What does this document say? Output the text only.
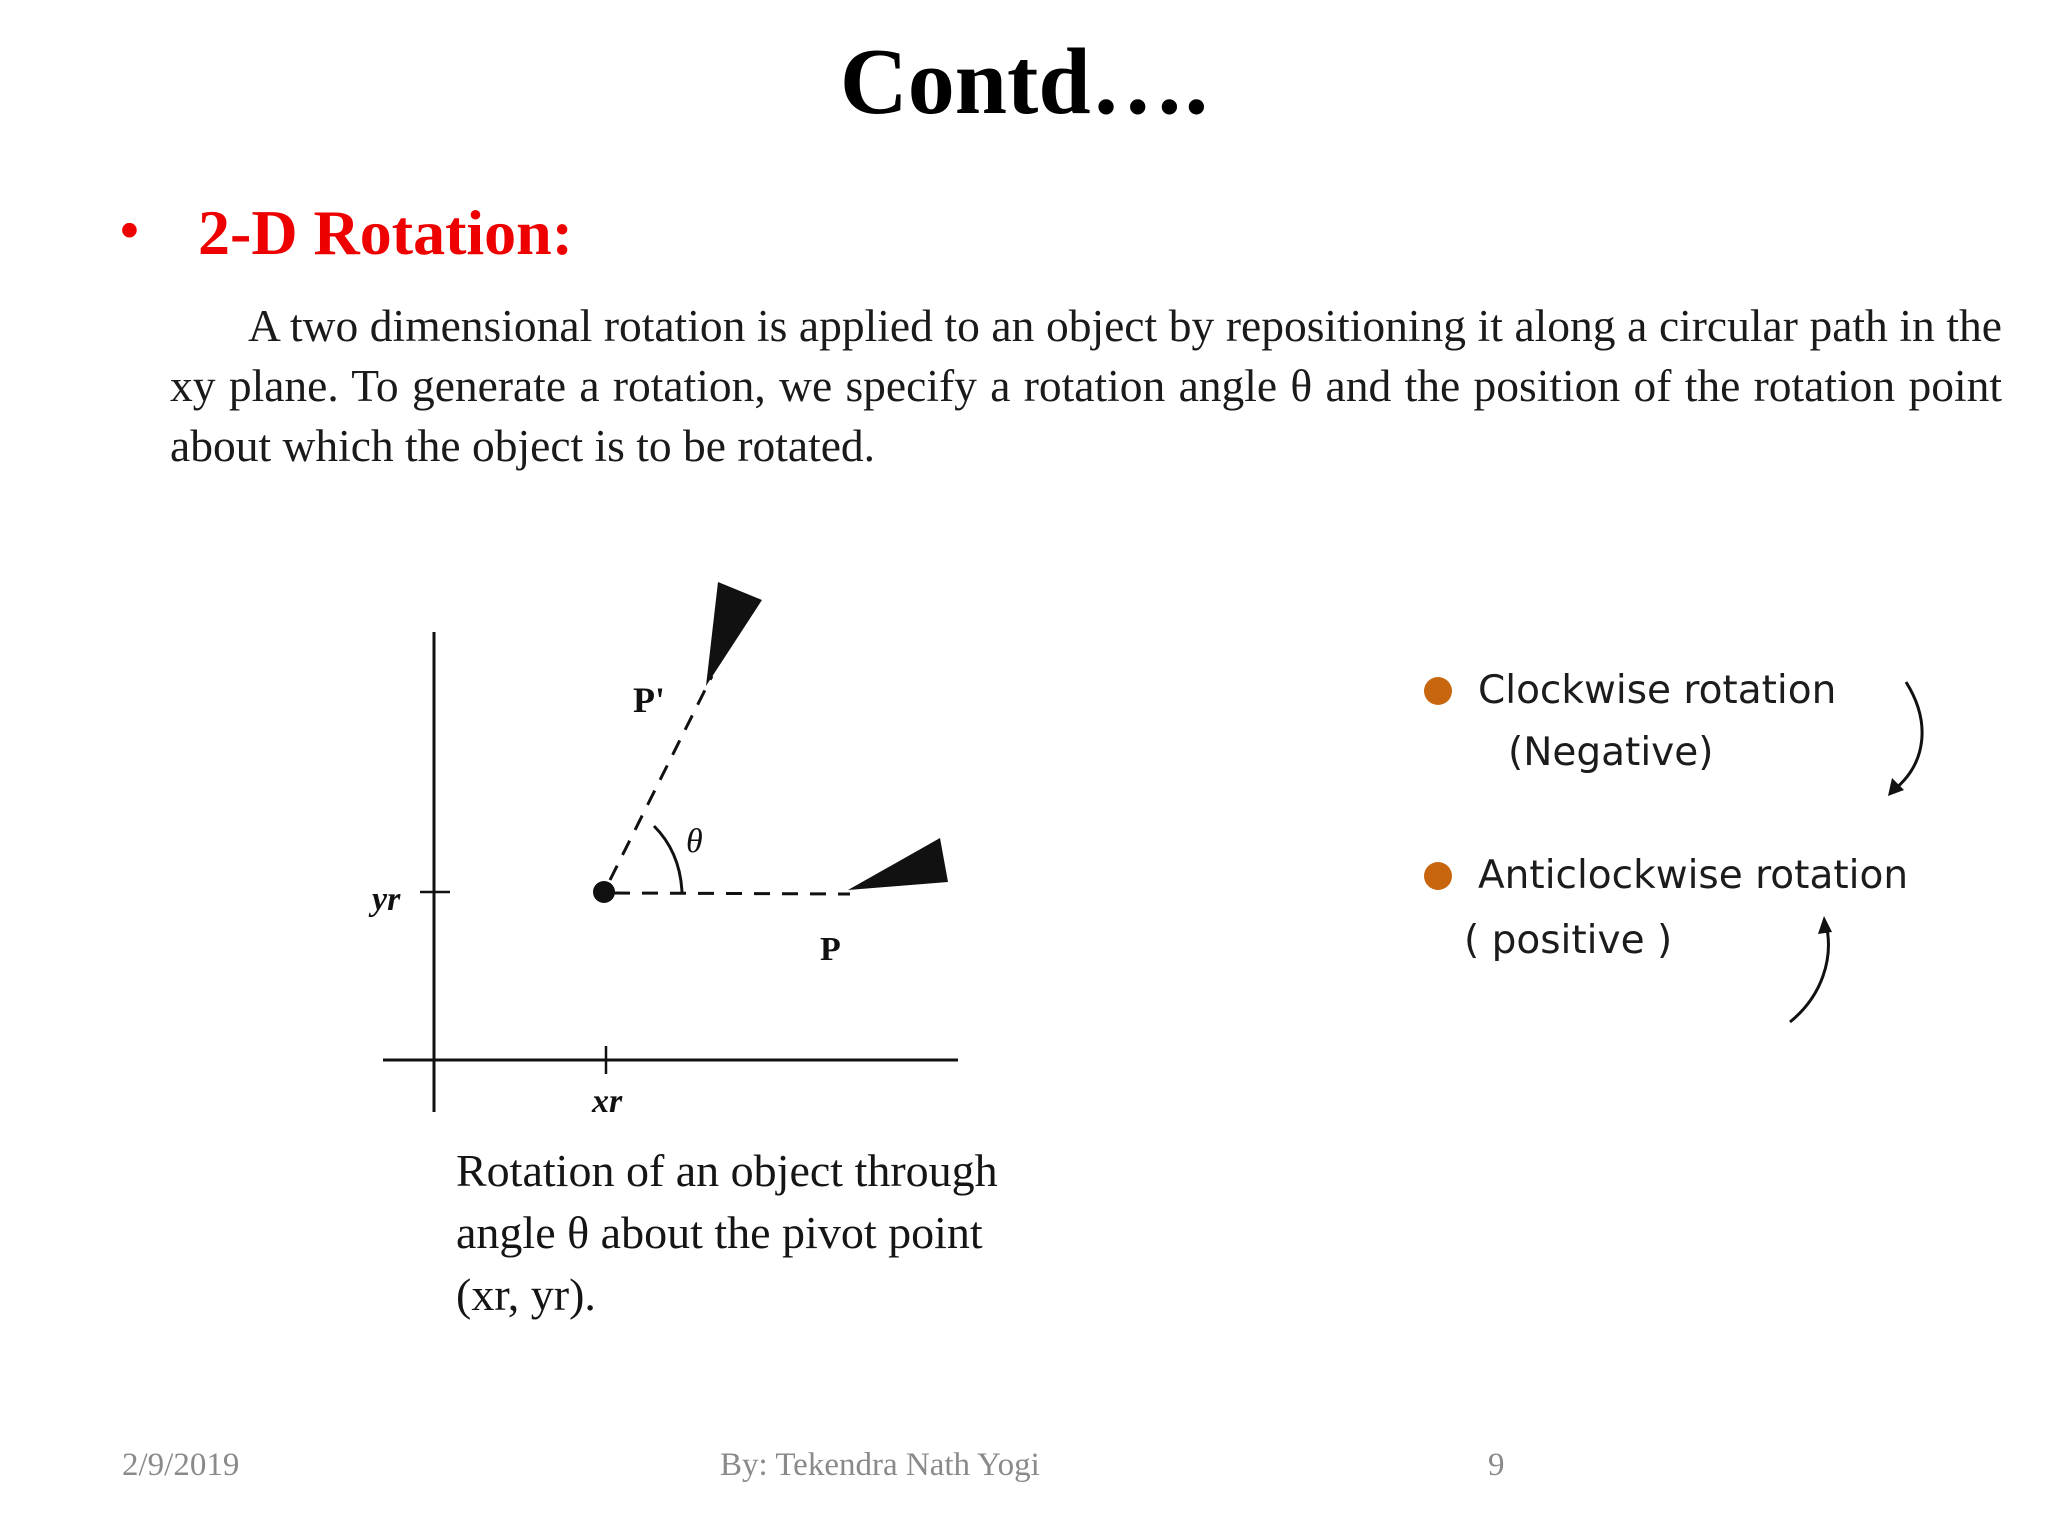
Contd….
• 2-D Rotation:

A two dimensional rotation is applied to an object by repositioning it along a circular path in the xy plane. To generate a rotation, we specify a rotation angle θ and the position of the rotation point about which the object is to be rotated.

P'
P
θ
yr
xr
Rotation of an object through
angle θ about the pivot point
(xr, yr).
Clockwise rotation
(Negative)
Anticlockwise rotation
( positive )
2/9/2019	By: Tekendra Nath Yogi	9
